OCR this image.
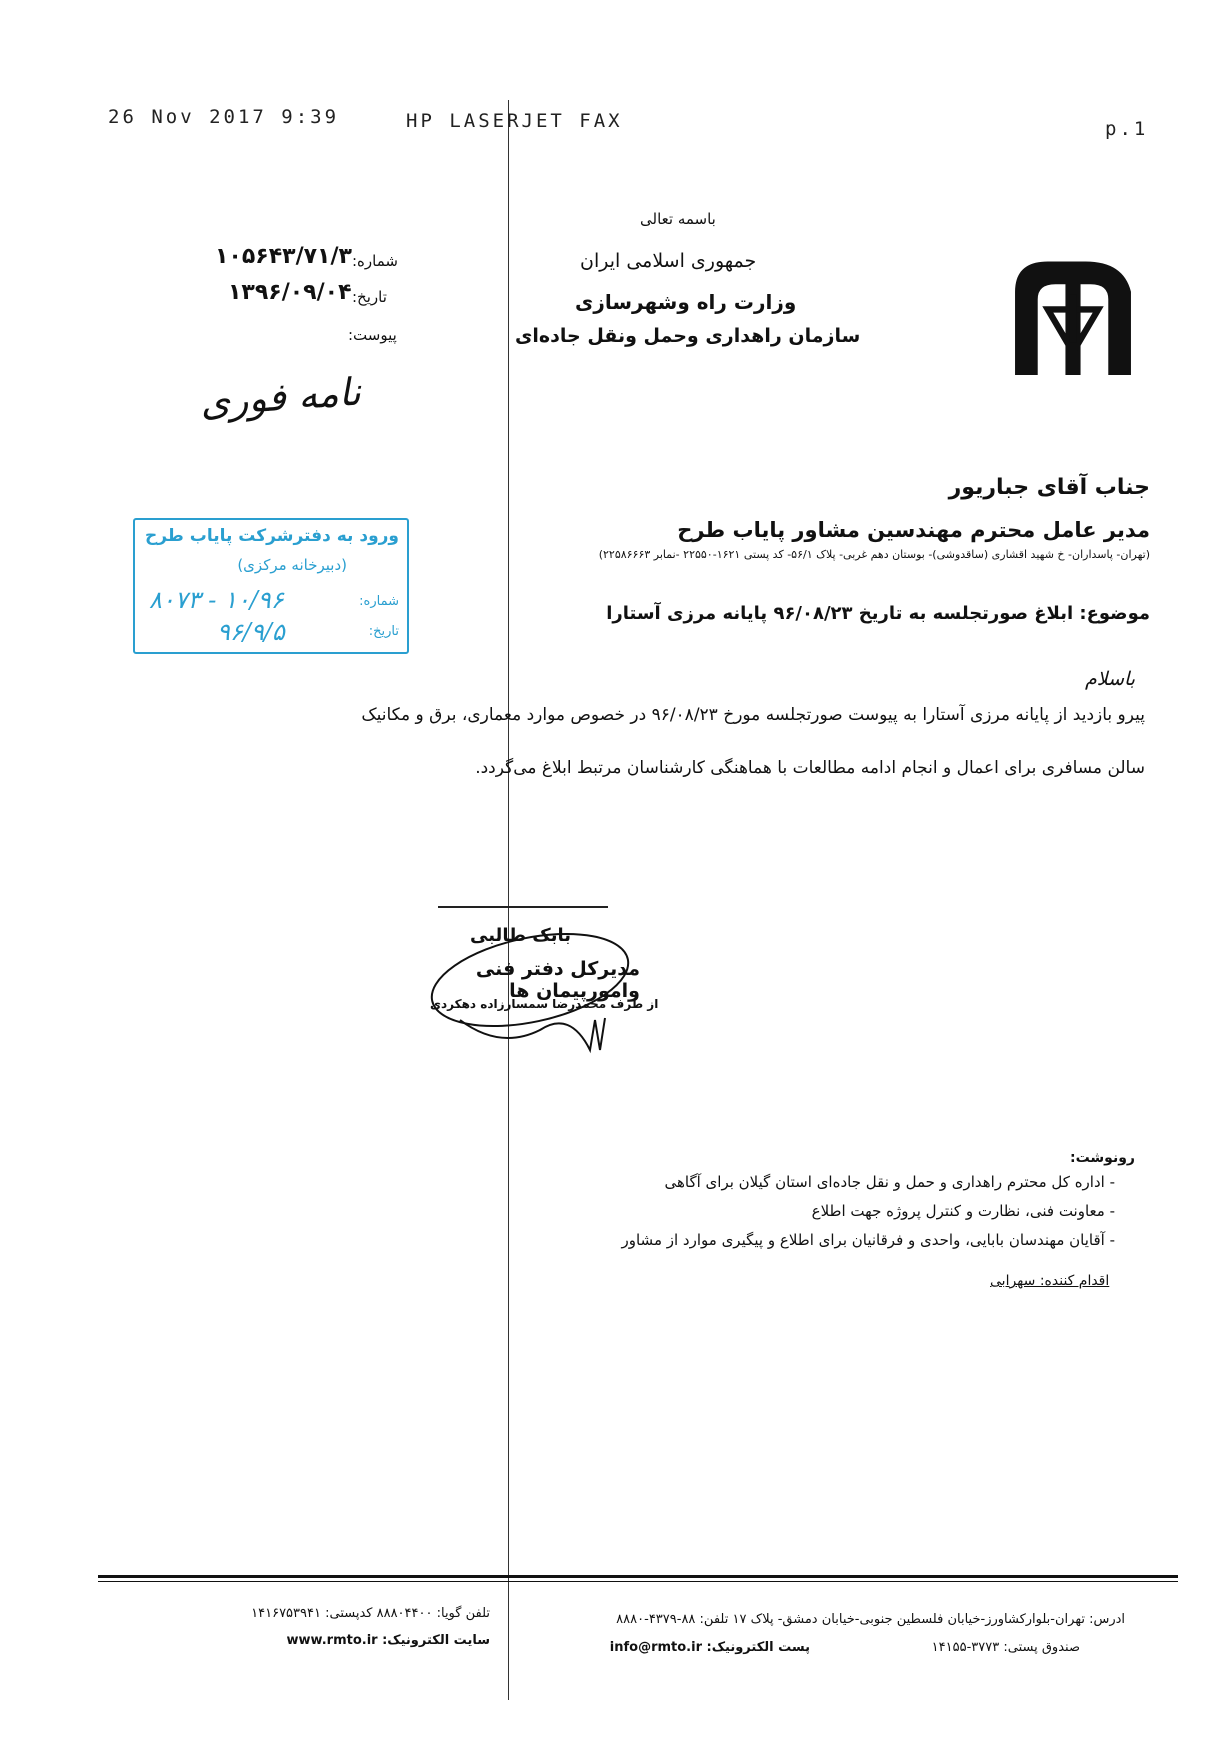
26 Nov 2017 9:39	HP LASERJET FAX	p.1
باسمه تعالی
جمهوری اسلامی ایران
وزارت راه وشهرسازی
سازمان راهداری وحمل ونقل جاده‌ای
شماره:
۱۰۵۶۴۳/۷۱/۳
تاریخ:
۱۳۹۶/۰۹/۰۴
پیوست:
نامه فوری
ورود به دفترشرکت پایاب طرح
(دبیرخانه مرکزی)
شماره:
۱۰/۹۶ - ۸۰۷۳
تاریخ:
۹۶/۹/۵
جناب آقای جباریور
مدیر عامل محترم مهندسین مشاور پایاب طرح
(تهران- پاسداران- خ شهید اقشاری (ساقدوشی)- بوستان دهم غربی- پلاک ۵۶/۱- کد پستی ۱۶۲۱-۲۲۵۵۰ -نمابر ۲۲۵۸۶۶۶۳)
موضوع: ابلاغ صورتجلسه به تاریخ ۹۶/۰۸/۲۳ پایانه مرزی آستارا
باسلام
پیرو بازدید از پایانه مرزی آستارا به پیوست صورتجلسه مورخ ۹۶/۰۸/۲۳ در خصوص موارد معماری، برق و مکانیک
سالن مسافری برای اعمال و انجام ادامه مطالعات با هماهنگی کارشناسان مرتبط ابلاغ می‌گردد.
بابک طالبی
مدیرکل دفتر فنی وامورپیمان ها
از طرف محمدرضا سمسارزاده دهکردی
رونوشت:
- اداره کل محترم راهداری و حمل و نقل جاده‌ای استان گیلان برای آگاهی
- معاونت فنی، نظارت و کنترل پروژه جهت اطلاع
- آقایان مهندسان بابایی، واحدی و فرقانیان برای اطلاع و پیگیری موارد از مشاور
اقدام کننده: سهرابی
ادرس: تهران-بلوارکشاورز-خیابان فلسطین جنوبی-خیابان دمشق- پلاک ۱۷ تلفن: ۸۸-۴۳۷۹-۸۸۸۰
صندوق پستی: ۳۷۷۳-۱۴۱۵۵
پست الکترونیک: info@rmto.ir
تلفن گویا: ۸۸۸۰۴۴۰۰ کدپستی: ۱۴۱۶۷۵۳۹۴۱
سایت الکترونیک: www.rmto.ir
